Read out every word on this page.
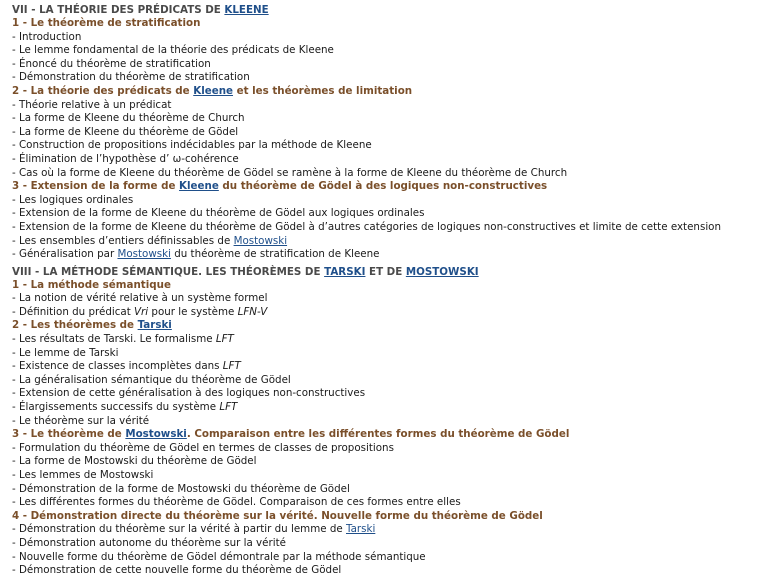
VII - LA THÉORIE DES PRÉDICATS DE KLEENE
1 - Le théorème de stratification
- Introduction
- Le lemme fondamental de la théorie des prédicats de Kleene
- Énoncé du théorème de stratification
- Démonstration du théorème de stratification
2 - La théorie des prédicats de Kleene et les théorèmes de limitation
- Théorie relative à un prédicat
- La forme de Kleene du théorème de Church
- La forme de Kleene du théorème de Gödel
- Construction de propositions indécidables par la méthode de Kleene
- Élimination de l’hypothèse d’ ω-cohérence
- Cas où la forme de Kleene du théorème de Gödel se ramène à la forme de Kleene du théorème de Church
3 - Extension de la forme de Kleene du théorème de Gödel à des logiques non-constructives
- Les logiques ordinales
- Extension de la forme de Kleene du théorème de Gödel aux logiques ordinales
- Extension de la forme de Kleene du théorème de Gödel à d’autres catégories de logiques non-constructives et limite de cette extension
- Les ensembles d’entiers définissables de Mostowski
- Généralisation par Mostowski du théorème de stratification de Kleene
VIII - LA MÉTHODE SÉMANTIQUE. LES THÉORÈMES DE TARSKI ET DE MOSTOWSKI
1 - La méthode sémantique
- La notion de vérité relative à un système formel
- Définition du prédicat Vri pour le système LFN-V
2 - Les théorèmes de Tarski
- Les résultats de Tarski. Le formalisme LFT
- Le lemme de Tarski
- Existence de classes incomplètes dans LFT
- La généralisation sémantique du théorème de Gödel
- Extension de cette généralisation à des logiques non-constructives
- Élargissements successifs du système LFT
- Le théorème sur la vérité
3 - Le théorème de Mostowski. Comparaison entre les différentes formes du théorème de Gödel
- Formulation du théorème de Gödel en termes de classes de propositions
- La forme de Mostowski du théorème de Gödel
- Les lemmes de Mostowski
- Démonstration de la forme de Mostowski du théorème de Gödel
- Les différentes formes du théorème de Gödel. Comparaison de ces formes entre elles
4 - Démonstration directe du théorème sur la vérité. Nouvelle forme du théorème de Gödel
- Démonstration du théorème sur la vérité à partir du lemme de Tarski
- Démonstration autonome du théorème sur la vérité
- Nouvelle forme du théorème de Gödel démontrale par la méthode sémantique
- Démonstration de cette nouvelle forme du théorème de Gödel
